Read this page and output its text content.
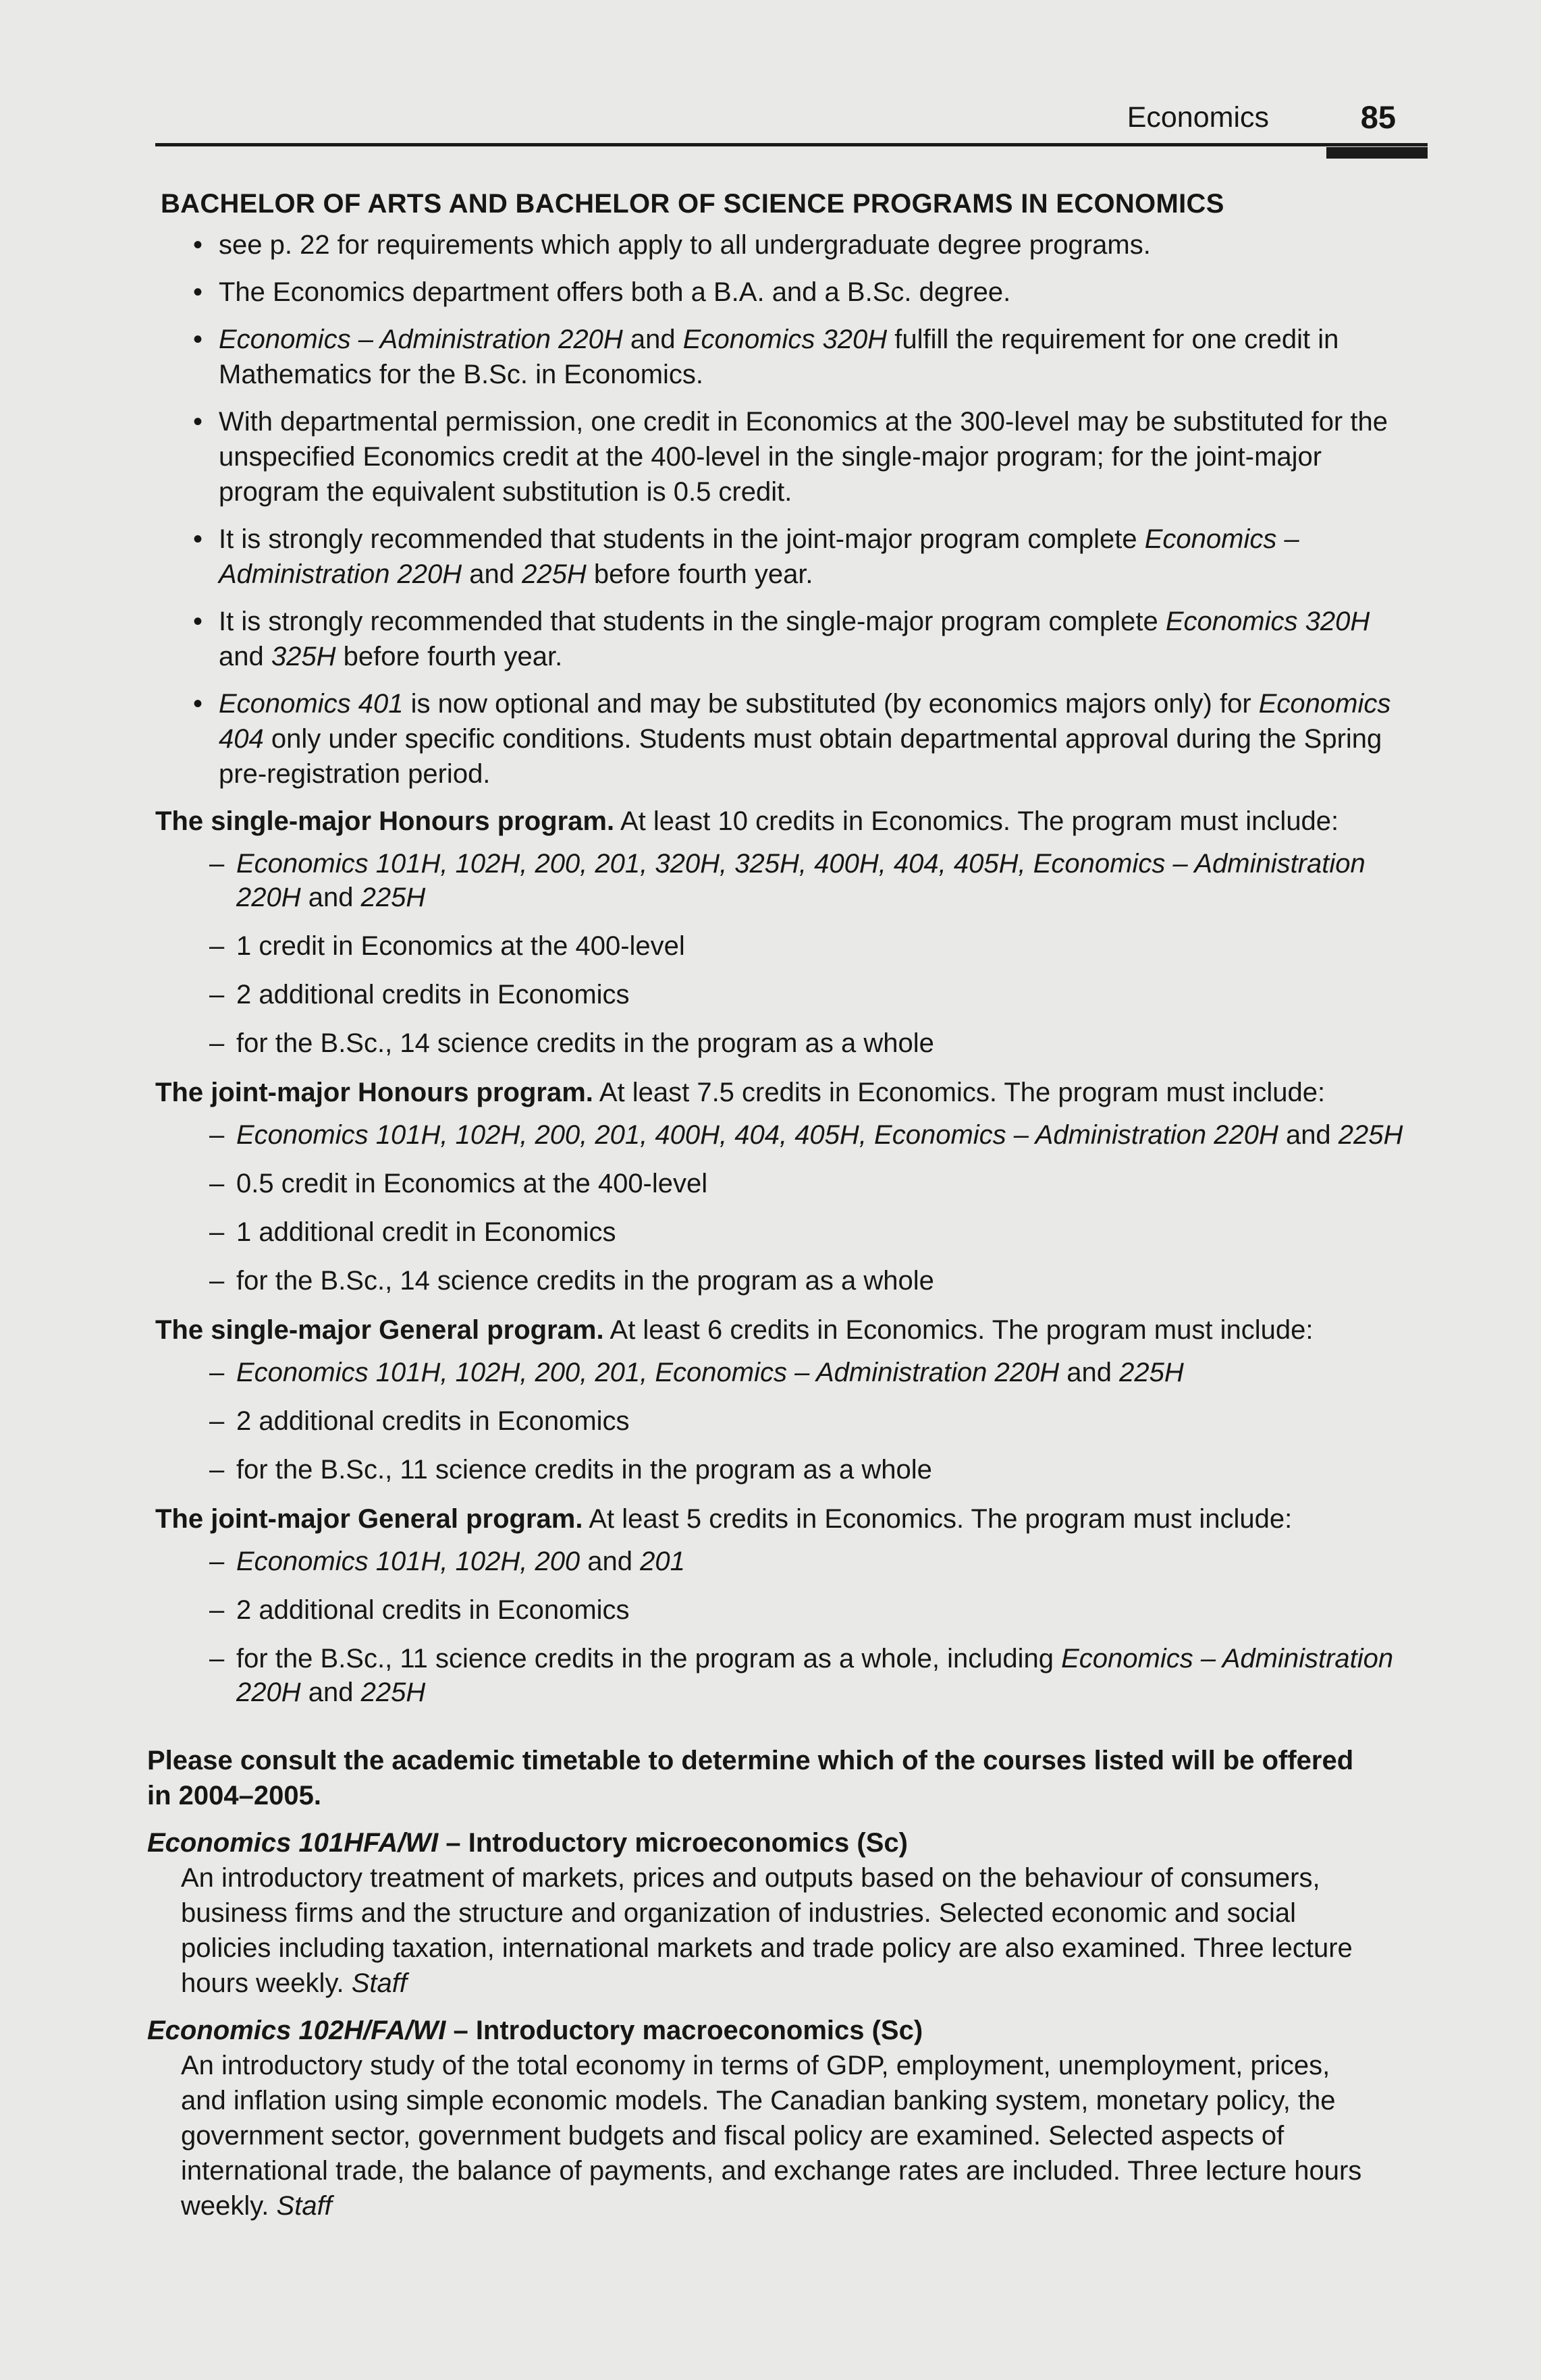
Economics	85
BACHELOR OF ARTS AND BACHELOR OF SCIENCE PROGRAMS IN ECONOMICS
• see p. 22 for requirements which apply to all undergraduate degree programs.
• The Economics department offers both a B.A. and a B.Sc. degree.
• Economics – Administration 220H and Economics 320H fulfill the requirement for one credit in Mathematics for the B.Sc. in Economics.
• With departmental permission, one credit in Economics at the 300-level may be substituted for the unspecified Economics credit at the 400-level in the single-major program; for the joint-major program the equivalent substitution is 0.5 credit.
• It is strongly recommended that students in the joint-major program complete Economics – Administration 220H and 225H before fourth year.
• It is strongly recommended that students in the single-major program complete Economics 320H and 325H before fourth year.
• Economics 401 is now optional and may be substituted (by economics majors only) for Economics 404 only under specific conditions. Students must obtain departmental approval during the Spring pre-registration period.
The single-major Honours program. At least 10 credits in Economics. The program must include:
– Economics 101H, 102H, 200, 201, 320H, 325H, 400H, 404, 405H, Economics – Administration 220H and 225H
– 1 credit in Economics at the 400-level
– 2 additional credits in Economics
– for the B.Sc., 14 science credits in the program as a whole
The joint-major Honours program. At least 7.5 credits in Economics. The program must include:
– Economics 101H, 102H, 200, 201, 400H, 404, 405H, Economics – Administration 220H and 225H
– 0.5 credit in Economics at the 400-level
– 1 additional credit in Economics
– for the B.Sc., 14 science credits in the program as a whole
The single-major General program. At least 6 credits in Economics. The program must include:
– Economics 101H, 102H, 200, 201, Economics – Administration 220H and 225H
– 2 additional credits in Economics
– for the B.Sc., 11 science credits in the program as a whole
The joint-major General program. At least 5 credits in Economics. The program must include:
– Economics 101H, 102H, 200 and 201
– 2 additional credits in Economics
– for the B.Sc., 11 science credits in the program as a whole, including Economics – Administration 220H and 225H
Please consult the academic timetable to determine which of the courses listed will be offered in 2004–2005.
Economics 101HFA/WI – Introductory microeconomics (Sc)
An introductory treatment of markets, prices and outputs based on the behaviour of consumers, business firms and the structure and organization of industries. Selected economic and social policies including taxation, international markets and trade policy are also examined. Three lecture hours weekly. Staff
Economics 102H/FA/WI – Introductory macroeconomics (Sc)
An introductory study of the total economy in terms of GDP, employment, unemployment, prices, and inflation using simple economic models. The Canadian banking system, monetary policy, the government sector, government budgets and fiscal policy are examined. Selected aspects of international trade, the balance of payments, and exchange rates are included. Three lecture hours weekly. Staff
